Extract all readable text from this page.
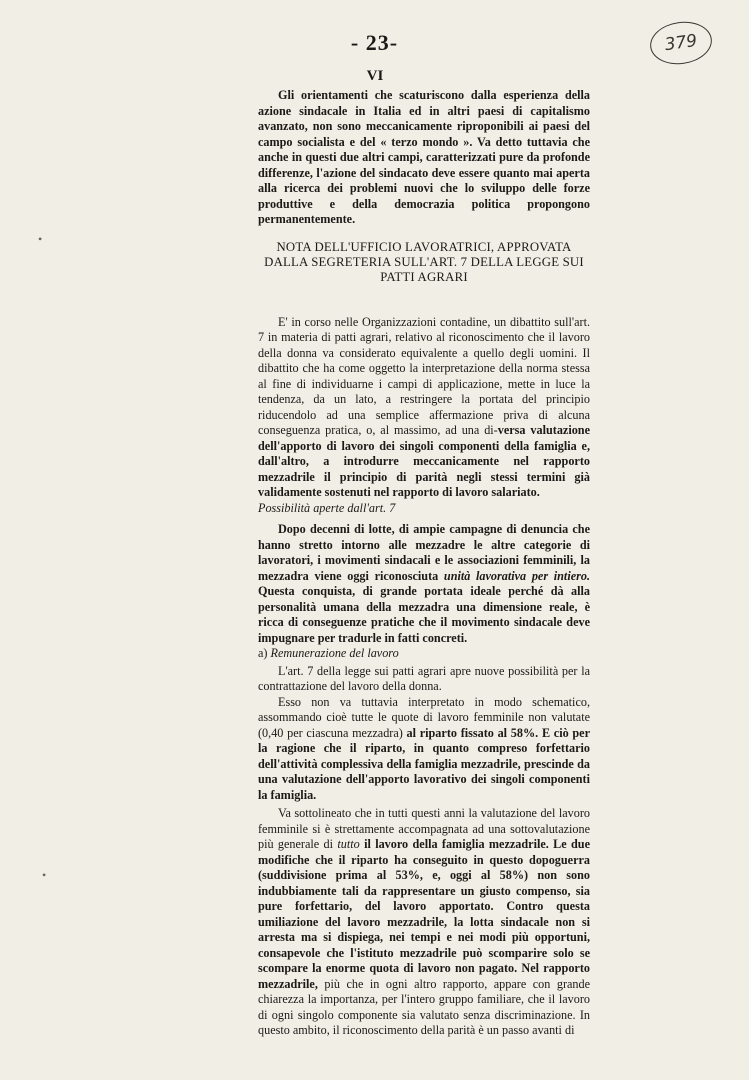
- 23-	379
VI

Gli orientamenti che scaturiscono dalla esperienza della azione sindacale in Italia ed in altri paesi di capitalismo avanzato, non sono meccanicamente riproponibili ai paesi del campo socialista e del « terzo mondo ». Va detto tuttavia che anche in questi due altri campi, caratterizzati pure da profonde differenze, l'azione del sindacato deve essere quanto mai aperta alla ricerca dei problemi nuovi che lo sviluppo delle forze produttive e della democrazia politica propongono permanentemente.

NOTA DELL'UFFICIO LAVORATRICI, APPROVATA
DALLA SEGRETERIA SULL'ART. 7 DELLA LEGGE SUI
PATTI AGRARI

E' in corso nelle Organizzazioni contadine, un dibattito sull'art. 7 in materia di patti agrari, relativo al riconoscimento che il lavoro della donna va considerato equivalente a quello degli uomini. Il dibattito che ha come oggetto la interpretazione della norma stessa al fine di individuarne i campi di applicazione, mette in luce la tendenza, da un lato, a restringere la portata del principio riducendolo ad una semplice affermazione priva di alcuna conseguenza pratica, o, al massimo, ad una di-versa valutazione dell'apporto di lavoro dei singoli componenti della famiglia e, dall'altro, a introdurre meccanicamente nel rapporto mezzadrile il principio di parità negli stessi termini già validamente sostenuti nel rapporto di lavoro salariato.

Possibilità aperte dall'art. 7

Dopo decenni di lotte, di ampie campagne di denuncia che hanno stretto intorno alle mezzadre le altre categorie di lavoratori, i movimenti sindacali e le associazioni femminili, la mezzadra viene oggi riconosciuta unità lavorativa per intiero. Questa conquista, di grande portata ideale perché dà alla personalità umana della mezzadra una dimensione reale, è ricca di conseguenze pratiche che il movimento sindacale deve impugnare per tradurle in fatti concreti.

a) Remunerazione del lavoro

L'art. 7 della legge sui patti agrari apre nuove possibilità per la contrattazione del lavoro della donna.

Esso non va tuttavia interpretato in modo schematico, assommando cioè tutte le quote di lavoro femminile non valutate (0,40 per ciascuna mezzadra) al riparto fissato al 58%. E ciò per la ragione che il riparto, in quanto compreso forfettario dell'attività complessiva della famiglia mezzadrile, prescinde da una valutazione dell'apporto lavorativo dei singoli componenti la famiglia.

Va sottolineato che in tutti questi anni la valutazione del lavoro femminile si è strettamente accompagnata ad una sottovalutazione più generale di tutto il lavoro della famiglia mezzadrile. Le due modifiche che il riparto ha conseguito in questo dopoguerra (suddivisione prima al 53%, e, oggi al 58%) non sono indubbiamente tali da rappresentare un giusto compenso, sia pure forfettario, del lavoro apportato. Contro questa umiliazione del lavoro mezzadrile, la lotta sindacale non si arresta ma si dispiega, nei tempi e nei modi più opportuni, consapevole che l'istituto mezzadrile può scomparire solo se scompare la enorme quota di lavoro non pagato. Nel rapporto mezzadrile, più che in ogni altro rapporto, appare con grande chiarezza la importanza, per l'intero gruppo familiare, che il lavoro di ogni singolo componente sia valutato senza discriminazione. In questo ambito, il riconoscimento della parità è un passo avanti di

•
•
